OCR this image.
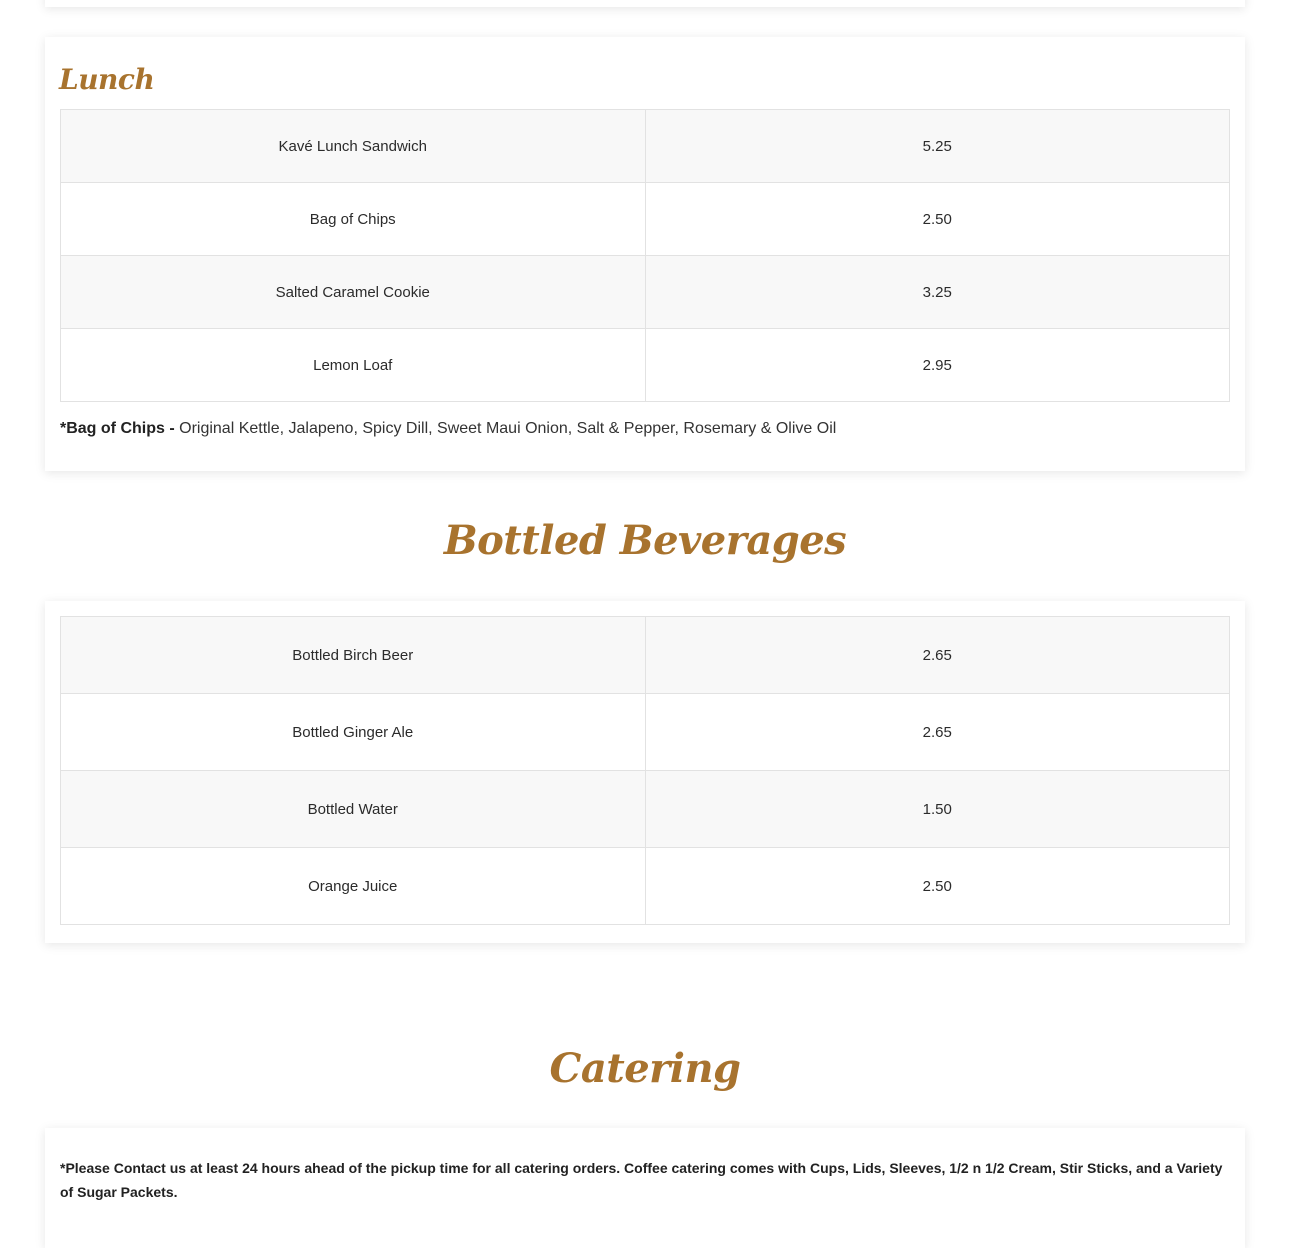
Lunch
Kavé Lunch Sandwich	5.25
Bag of Chips	2.50
Salted Caramel Cookie	3.25
Lemon Loaf	2.95

*Bag of Chips - Original Kettle, Jalapeno, Spicy Dill, Sweet Maui Onion, Salt & Pepper, Rosemary & Olive Oil

Bottled Beverages
Bottled Birch Beer	2.65
Bottled Ginger Ale	2.65
Bottled Water	1.50
Orange Juice	2.50
Catering

*Please Contact us at least 24 hours ahead of the pickup time for all catering orders. Coffee catering comes with Cups, Lids, Sleeves, 1/2 n 1/2 Cream, Stir Sticks, and a Variety of Sugar Packets.
